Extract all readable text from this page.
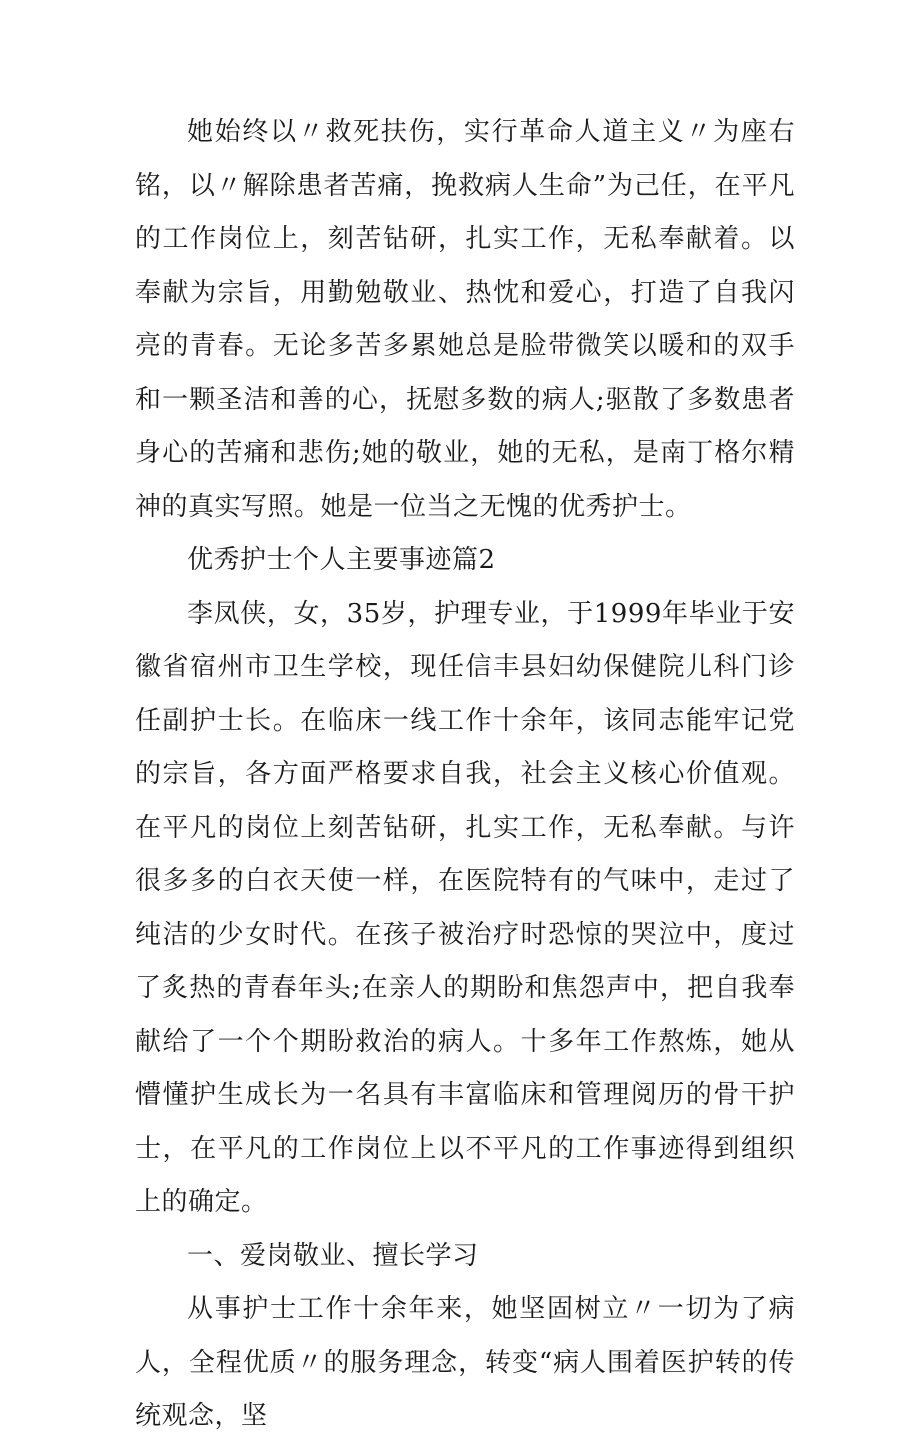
她始终以〃救死扶伤，实行革命人道主义〃为座右铭，以〃解除患者苦痛，挽救病人生命”为己任，在平凡的工作岗位上，刻苦钻研，扎实工作，无私奉献着。以奉献为宗旨，用勤勉敬业、热忱和爱心，打造了自我闪亮的青春。无论多苦多累她总是脸带微笑以暖和的双手和一颗圣洁和善的心，抚慰多数的病人;驱散了多数患者身心的苦痛和悲伤;她的敬业，她的无私，是南丁格尔精神的真实写照。她是一位当之无愧的优秀护士。

优秀护士个人主要事迹篇2

李凤侠，女，35岁，护理专业，于1999年毕业于安徽省宿州市卫生学校，现任信丰县妇幼保健院儿科门诊任副护士长。在临床一线工作十余年，该同志能牢记党的宗旨，各方面严格要求自我，社会主义核心价值观。在平凡的岗位上刻苦钻研，扎实工作，无私奉献。与许很多多的白衣天使一样，在医院特有的气味中，走过了纯洁的少女时代。在孩子被治疗时恐惊的哭泣中，度过了炙热的青春年头;在亲人的期盼和焦怨声中，把自我奉献给了一个个期盼救治的病人。十多年工作熬炼，她从懵懂护生成长为一名具有丰富临床和管理阅历的骨干护士，在平凡的工作岗位上以不平凡的工作事迹得到组织上的确定。

一、爱岗敬业、擅长学习

从事护士工作十余年来，她坚固树立〃一切为了病人，全程优质〃的服务理念，转变“病人围着医护转的传统观念，坚
